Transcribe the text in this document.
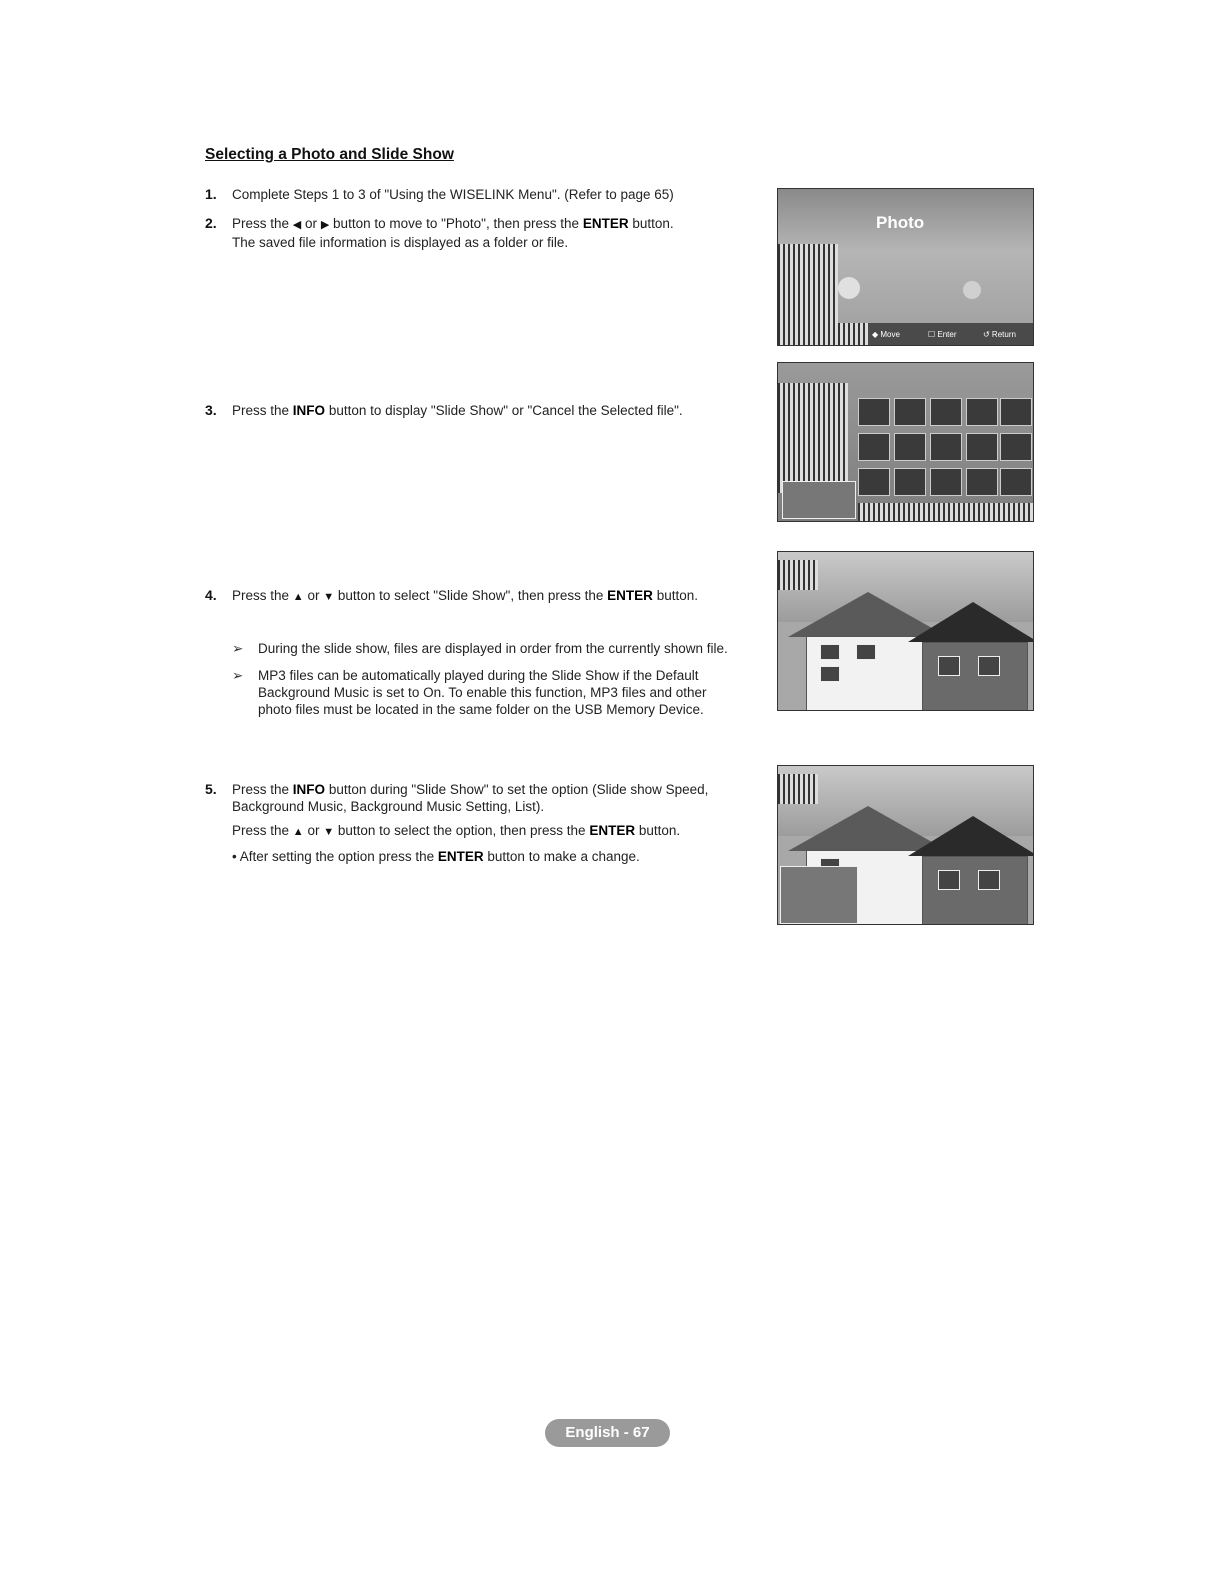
Selecting a Photo and Slide Show
1. Complete Steps 1 to 3 of "Using the WISELINK Menu". (Refer to page 65)
2. Press the ◀ or ▶ button to move to "Photo", then press the ENTER button.
The saved file information is displayed as a folder or file.
3. Press the INFO button to display "Slide Show" or "Cancel the Selected file".
4. Press the ▲ or ▼ button to select "Slide Show", then press the ENTER button.
➢ During the slide show, files are displayed in order from the currently shown file.
➢ MP3 files can be automatically played during the Slide Show if the Default Background Music is set to On. To enable this function, MP3 files and other photo files must be located in the same folder on the USB Memory Device.
5. Press the INFO button during "Slide Show" to set the option (Slide show Speed, Background Music, Background Music Setting, List).
Press the ▲ or ▼ button to select the option, then press the ENTER button.
• After setting the option press the ENTER button to make a change.
Photo
◆ Move	☐ Enter	↺ Return
English - 67
